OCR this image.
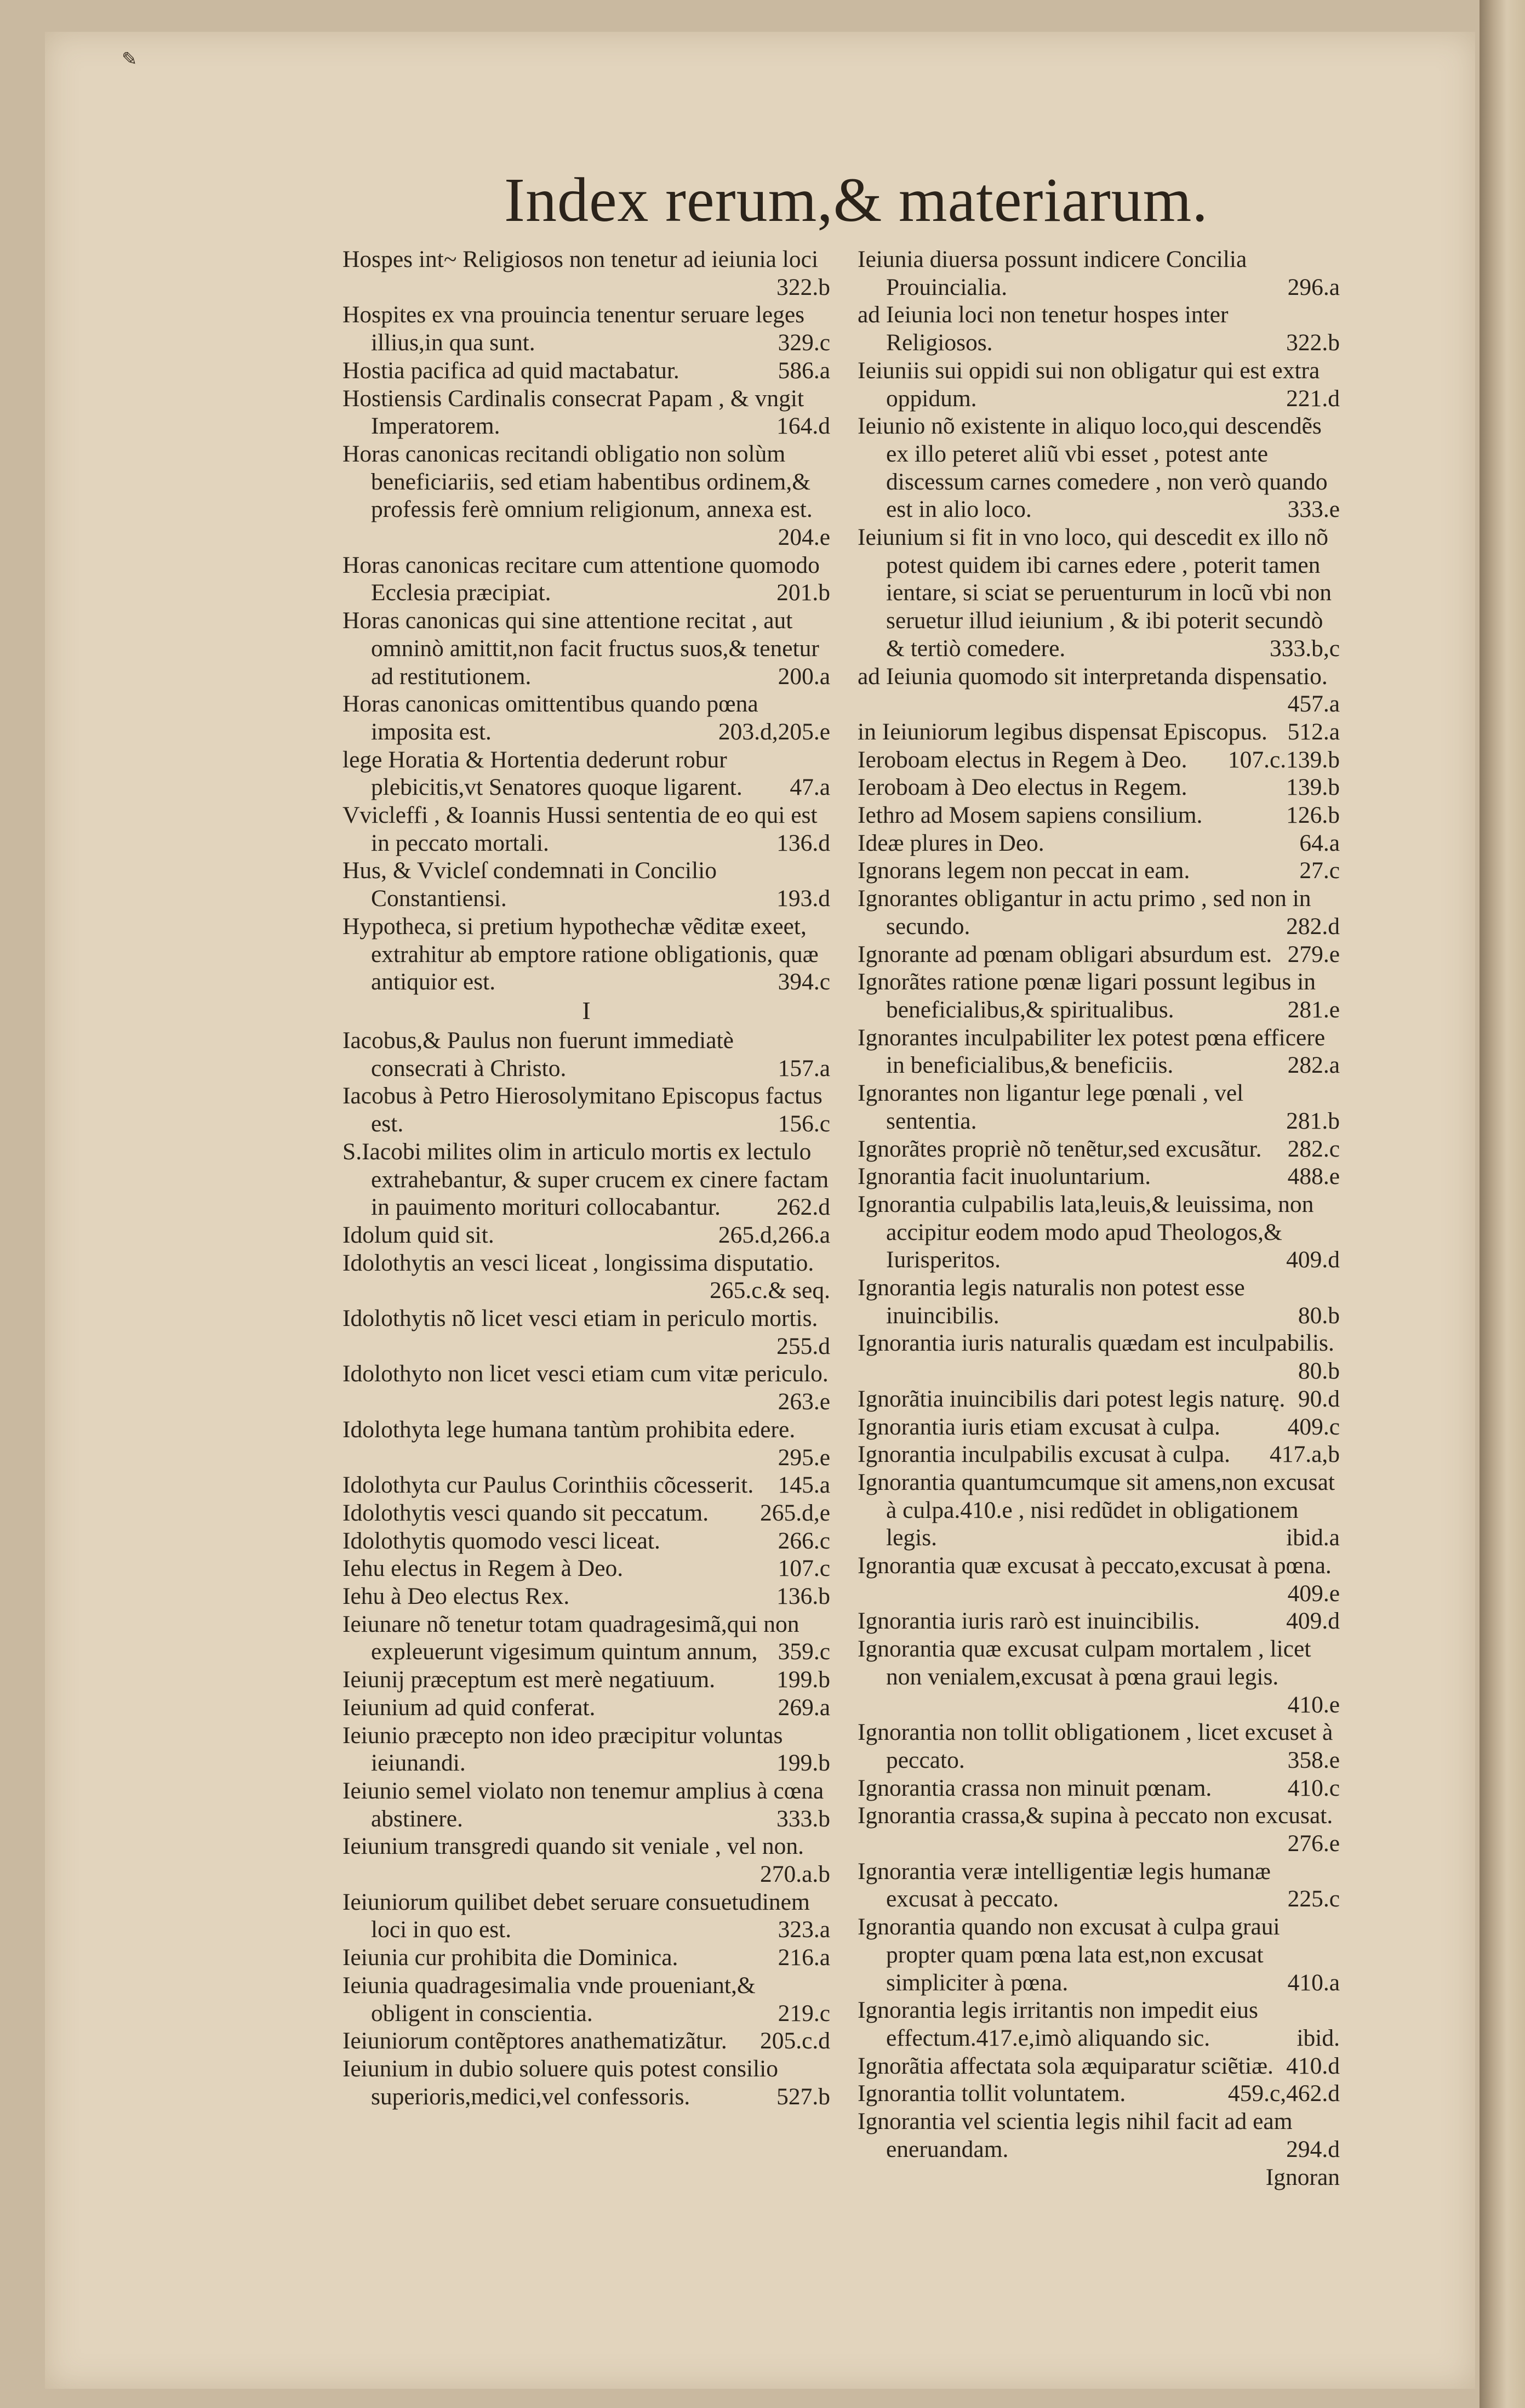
✎
Index rerum,& materiarum.
Hospes int~ Religiosos non tenetur ad ieiunia loci
322.b
Hospites ex vna prouincia tenentur seruare leges illius,in qua sunt.	329.c
Hostia pacifica ad quid mactabatur.	586.a
Hostiensis Cardinalis consecrat Papam , & vngit Imperatorem.	164.d
Horas canonicas recitandi obligatio non solùm beneficiariis, sed etiam habentibus ordinem,& professis ferè omnium religionum, annexa est.
204.e
Horas canonicas recitare cum attentione quomodo Ecclesia præcipiat.	201.b
Horas canonicas qui sine attentione recitat , aut omninò amittit,non facit fructus suos,& tenetur ad restitutionem.	200.a
Horas canonicas omittentibus quando pœna imposita est.	203.d,205.e
lege Horatia & Hortentia dederunt robur plebicitis,vt Senatores quoque ligarent.	47.a
Vvicleffi , & Ioannis Hussi sententia de eo qui est in peccato mortali.	136.d
Hus, & Vvicleſ condemnati in Concilio Constantiensi.	193.d
Hypotheca, si pretium hypothechæ vẽditæ exeet, extrahitur ab emptore ratione obligationis, quæ antiquior est.	394.c
I
Iacobus,& Paulus non fuerunt immediatè consecrati à Christo.	157.a
Iacobus à Petro Hierosolymitano Episcopus factus est.	156.c
S.Iacobi milites olim in articulo mortis ex lectulo extrahebantur, & super crucem ex cinere factam in pauimento morituri collocabantur.	262.d
Idolum quid sit.	265.d,266.a
Idolothytis an vesci liceat , longissima disputatio.
265.c.& seq.
Idolothytis nõ licet vesci etiam in periculo mortis.
255.d
Idolothyto non licet vesci etiam cum vitæ periculo.
263.e
Idolothyta lege humana tantùm prohibita edere.
295.e
Idolothyta cur Paulus Corinthiis cõcesserit.	145.a
Idolothytis vesci quando sit peccatum.	265.d,e
Idolothytis quomodo vesci liceat.	266.c
Iehu electus in Regem à Deo.	107.c
Iehu à Deo electus Rex.	136.b
Ieiunare nõ tenetur totam quadragesimã,qui non expleuerunt vigesimum quintum annum, 359.c
Ieiunij præceptum est merè negatiuum.	199.b
Ieiunium ad quid conferat.	269.a
Ieiunio præcepto non ideo præcipitur voluntas ieiunandi.	199.b
Ieiunio semel violato non tenemur amplius à cœna abstinere.	333.b
Ieiunium transgredi quando sit veniale , vel non.
270.a.b
Ieiuniorum quilibet debet seruare consuetudinem loci in quo est.	323.a
Ieiunia cur prohibita die Dominica.	216.a
Ieiunia quadragesimalia vnde proueniant,& obligent in conscientia.	219.c
Ieiuniorum contẽptores anathematizãtur.	205.c.d
Ieiunium in dubio soluere quis potest consilio superioris,medici,vel confessoris.	527.b
Ieiunia diuersa possunt indicere Concilia Prouincialia.	296.a
ad Ieiunia loci non tenetur hospes inter Religiosos.	322.b
Ieiuniis sui oppidi sui non obligatur qui est extra oppidum.	221.d
Ieiunio nõ existente in aliquo loco,qui descendẽs ex illo peteret aliũ vbi esset , potest ante discessum carnes comedere , non verò quando est in alio loco.	333.e
Ieiunium si fit in vno loco, qui descedit ex illo nõ potest quidem ibi carnes edere , poterit tamen ientare, si sciat se peruenturum in locũ vbi non seruetur illud ieiunium , & ibi poterit secundò & tertiò comedere.	333.b,c
ad Ieiunia quomodo sit interpretanda dispensatio.
457.a
in Ieiuniorum legibus dispensat Episcopus. 512.a
Ieroboam electus in Regem à Deo.	107.c.139.b
Ieroboam à Deo electus in Regem.	139.b
Iethro ad Mosem sapiens consilium.	126.b
Ideæ plures in Deo.	64.a
Ignorans legem non peccat in eam.	27.c
Ignorantes obligantur in actu primo , sed non in secundo.	282.d
Ignorante ad pœnam obligari absurdum est. 279.e
Ignorãtes ratione pœnæ ligari possunt legibus in beneficialibus,& spiritualibus.	281.e
Ignorantes inculpabiliter lex potest pœna efficere in beneficialibus,& beneficiis.	282.a
Ignorantes non ligantur lege pœnali , vel sententia.	281.b
Ignorãtes propriè nõ tenẽtur,sed excusãtur.	282.c
Ignorantia facit inuoluntarium.	488.e
Ignorantia culpabilis lata,leuis,& leuissima, non accipitur eodem modo apud Theologos,& Iurisperitos.	409.d
Ignorantia legis naturalis non potest esse inuincibilis.	80.b
Ignorantia iuris naturalis quædam est inculpabilis.
80.b
Ignorãtia inuincibilis dari potest legis naturę. 90.d
Ignorantia iuris etiam excusat à culpa.	409.c
Ignorantia inculpabilis excusat à culpa.	417.a,b
Ignorantia quantumcumque sit amens,non excusat à culpa.410.e , nisi redũdet in obligationem legis.	ibid.a
Ignorantia quæ excusat à peccato,excusat à pœna.
409.e
Ignorantia iuris rarò est inuincibilis.	409.d
Ignorantia quæ excusat culpam mortalem , licet non venialem,excusat à pœna graui legis.
410.e
Ignorantia non tollit obligationem , licet excuset à peccato.	358.e
Ignorantia crassa non minuit pœnam.	410.c
Ignorantia crassa,& supina à peccato non excusat.
276.e
Ignorantia veræ intelligentiæ legis humanæ excusat à peccato.	225.c
Ignorantia quando non excusat à culpa graui propter quam pœna lata est,non excusat simpliciter à pœna.	410.a
Ignorantia legis irritantis non impedit eius effectum.417.e,imò aliquando sic.	ibid.
Ignorãtia affectata sola æquiparatur sciẽtiæ. 410.d
Ignorantia tollit voluntatem.	459.c,462.d
Ignorantia vel scientia legis nihil facit ad eam eneruandam.	294.d
Ignoran
